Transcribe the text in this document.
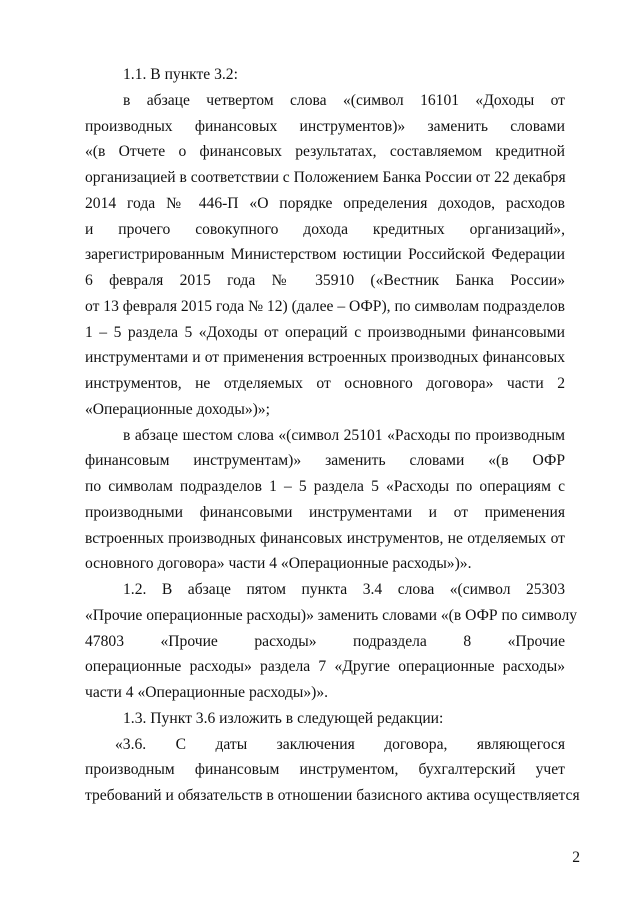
1.1. В пункте 3.2:
в абзаце четвертом слова «(символ 16101 «Доходы от
производных финансовых инструментов)» заменить словами
«(в Отчете о финансовых результатах, составляемом кредитной
организацией в соответствии с Положением Банка России от 22 декабря
2014 года № 446-П «О порядке определения доходов, расходов
и прочего совокупного дохода кредитных организаций»,
зарегистрированным Министерством юстиции Российской Федерации
6 февраля 2015 года № 35910 («Вестник Банка России»
от 13 февраля 2015 года № 12) (далее – ОФР), по символам подразделов
1 – 5 раздела 5 «Доходы от операций с производными финансовыми
инструментами и от применения встроенных производных финансовых
инструментов, не отделяемых от основного договора» части 2
«Операционные доходы»)»;
в абзаце шестом слова «(символ 25101 «Расходы по производным
финансовым инструментам)» заменить словами «(в ОФР
по символам подразделов 1 – 5 раздела 5 «Расходы по операциям с
производными финансовыми инструментами и от применения
встроенных производных финансовых инструментов, не отделяемых от
основного договора» части 4 «Операционные расходы»)».
1.2. В абзаце пятом пункта 3.4 слова «(символ 25303
«Прочие операционные расходы)» заменить словами «(в ОФР по символу
47803 «Прочие расходы» подраздела 8 «Прочие
операционные расходы» раздела 7 «Другие операционные расходы»
части 4 «Операционные расходы»)».
1.3. Пункт 3.6 изложить в следующей редакции:
«3.6. С даты заключения договора, являющегося
производным финансовым инструментом, бухгалтерский учет
требований и обязательств в отношении базисного актива осуществляется
2
